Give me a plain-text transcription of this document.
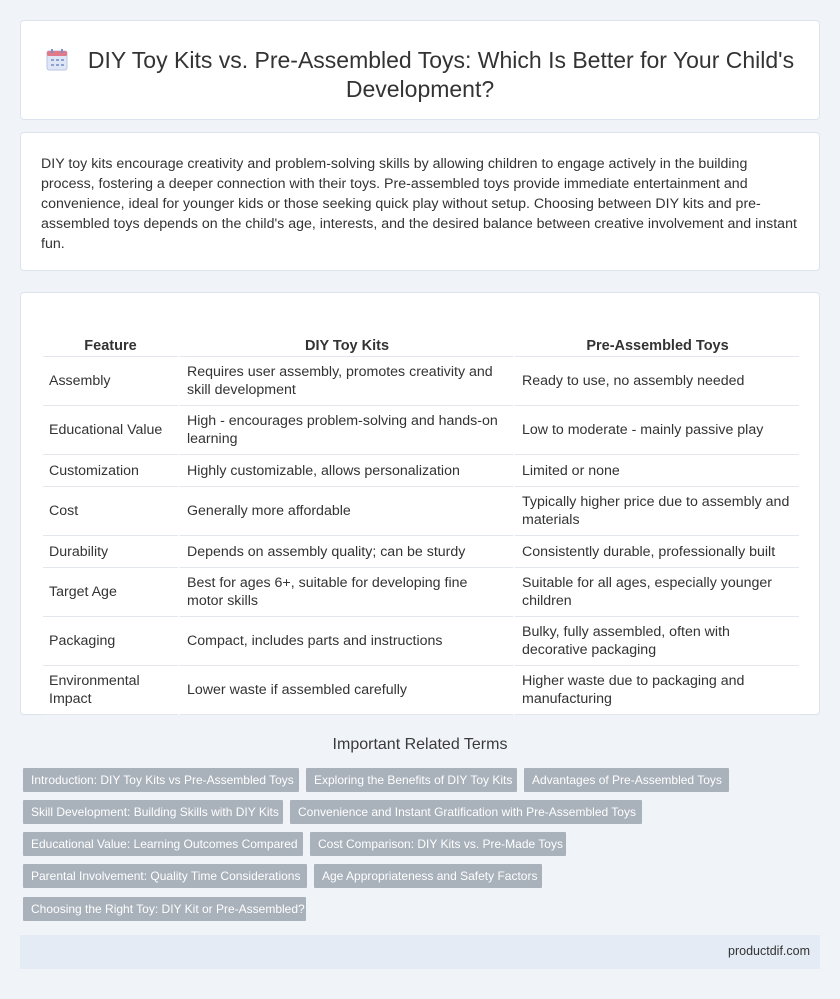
DIY Toy Kits vs. Pre-Assembled Toys: Which Is Better for Your Child's Development?

DIY toy kits encourage creativity and problem-solving skills by allowing children to engage actively in the building process, fostering a deeper connection with their toys. Pre-assembled toys provide immediate entertainment and convenience, ideal for younger kids or those seeking quick play without setup. Choosing between DIY kits and pre-assembled toys depends on the child's age, interests, and the desired balance between creative involvement and instant fun.

Feature	DIY Toy Kits	Pre-Assembled Toys
Assembly	Requires user assembly, promotes creativity and skill development	Ready to use, no assembly needed
Educational Value	High - encourages problem-solving and hands-on learning	Low to moderate - mainly passive play
Customization	Highly customizable, allows personalization	Limited or none
Cost	Generally more affordable	Typically higher price due to assembly and materials
Durability	Depends on assembly quality; can be sturdy	Consistently durable, professionally built
Target Age	Best for ages 6+, suitable for developing fine motor skills	Suitable for all ages, especially younger children
Packaging	Compact, includes parts and instructions	Bulky, fully assembled, often with decorative packaging
Environmental Impact	Lower waste if assembled carefully	Higher waste due to packaging and manufacturing
Important Related Terms
Introduction: DIY Toy Kits vs Pre-Assembled Toys	Exploring the Benefits of DIY Toy Kits	Advantages of Pre-Assembled Toys
Skill Development: Building Skills with DIY Kits	Convenience and Instant Gratification with Pre-Assembled Toys
Educational Value: Learning Outcomes Compared	Cost Comparison: DIY Kits vs. Pre-Made Toys
Parental Involvement: Quality Time Considerations	Age Appropriateness and Safety Factors
Choosing the Right Toy: DIY Kit or Pre-Assembled?
productdif.com
